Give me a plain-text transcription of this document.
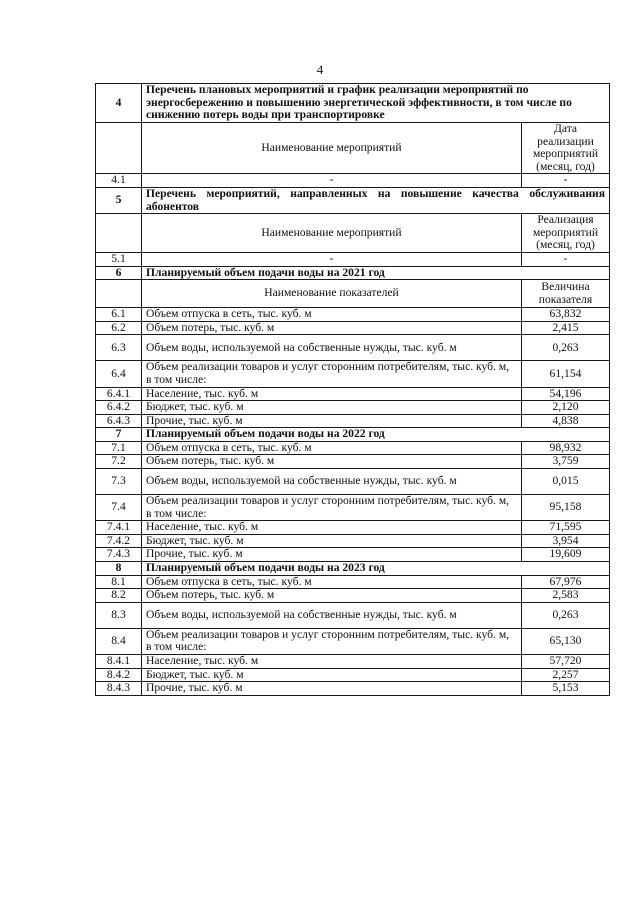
4
4	Перечень плановых мероприятий и график реализации мероприятий по энергосбережению и повышению энергетической эффективности, в том числе по снижению потерь воды при транспортировке	
	Наименование мероприятий	Дата реализации мероприятий (месяц, год)
4.1	-	-
5	Перечень мероприятий, направленных на повышение качества обслуживания абонентов	
	Наименование мероприятий	Реализация мероприятий (месяц, год)
5.1	-	-
6	Планируемый объем подачи воды на 2021 год	
	Наименование показателей	Величина показателя
6.1	Объем отпуска в сеть, тыс. куб. м	63,832
6.2	Объем потерь, тыс. куб. м	2,415
6.3	Объем воды, используемой на собственные нужды, тыс. куб. м	0,263
6.4	Объем реализации товаров и услуг сторонним потребителям, тыс. куб. м, в том числе:	61,154
6.4.1	Население, тыс. куб. м	54,196
6.4.2	Бюджет, тыс. куб. м	2,120
6.4.3	Прочие, тыс. куб. м	4,838
7	Планируемый объем подачи воды на 2022 год	
7.1	Объем отпуска в сеть, тыс. куб. м	98,932
7.2	Объем потерь, тыс. куб. м	3,759
7.3	Объем воды, используемой на собственные нужды, тыс. куб. м	0,015
7.4	Объем реализации товаров и услуг сторонним потребителям, тыс. куб. м, в том числе:	95,158
7.4.1	Население, тыс. куб. м	71,595
7.4.2	Бюджет, тыс. куб. м	3,954
7.4.3	Прочие, тыс. куб. м	19,609
8	Планируемый объем подачи воды на 2023 год	
8.1	Объем отпуска в сеть, тыс. куб. м	67,976
8.2	Объем потерь, тыс. куб. м	2,583
8.3	Объем воды, используемой на собственные нужды, тыс. куб. м	0,263
8.4	Объем реализации товаров и услуг сторонним потребителям, тыс. куб. м, в том числе:	65,130
8.4.1	Население, тыс. куб. м	57,720
8.4.2	Бюджет, тыс. куб. м	2,257
8.4.3	Прочие, тыс. куб. м	5,153
